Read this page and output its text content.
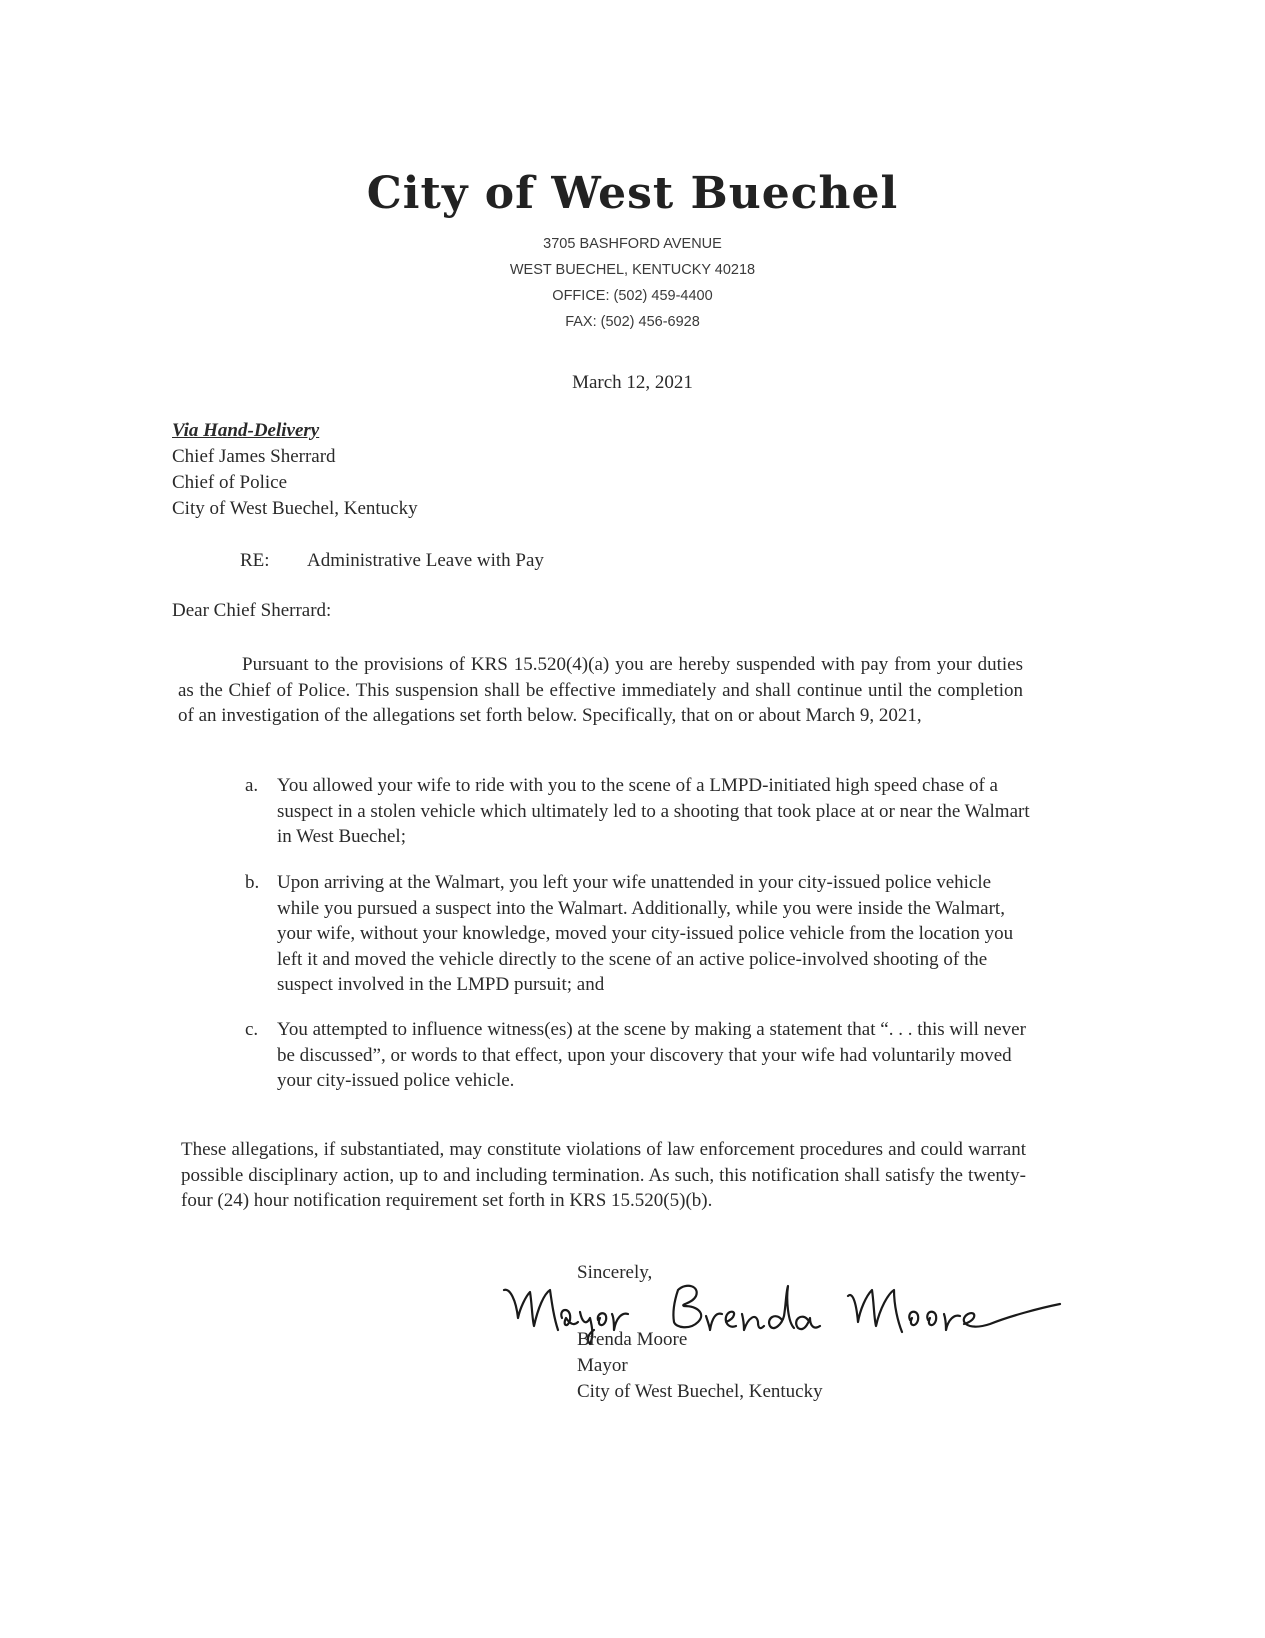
City of West Buechel
3705 BASHFORD AVENUE
WEST BUECHEL, KENTUCKY 40218
OFFICE: (502) 459-4400
FAX: (502) 456-6928
March 12, 2021
Via Hand-Delivery
Chief James Sherrard
Chief of Police
City of West Buechel, Kentucky
RE: Administrative Leave with Pay
Dear Chief Sherrard:
Pursuant to the provisions of KRS 15.520(4)(a) you are hereby suspended with pay from your duties as the Chief of Police. This suspension shall be effective immediately and shall continue until the completion of an investigation of the allegations set forth below. Specifically, that on or about March 9, 2021,
a. You allowed your wife to ride with you to the scene of a LMPD-initiated high speed chase of a suspect in a stolen vehicle which ultimately led to a shooting that took place at or near the Walmart in West Buechel;
b. Upon arriving at the Walmart, you left your wife unattended in your city-issued police vehicle while you pursued a suspect into the Walmart. Additionally, while you were inside the Walmart, your wife, without your knowledge, moved your city-issued police vehicle from the location you left it and moved the vehicle directly to the scene of an active police-involved shooting of the suspect involved in the LMPD pursuit; and
c. You attempted to influence witness(es) at the scene by making a statement that “. . . this will never be discussed”, or words to that effect, upon your discovery that your wife had voluntarily moved your city-issued police vehicle.
These allegations, if substantiated, may constitute violations of law enforcement procedures and could warrant possible disciplinary action, up to and including termination. As such, this notification shall satisfy the twenty-four (24) hour notification requirement set forth in KRS 15.520(5)(b).
Sincerely,
Brenda Moore
Mayor
City of West Buechel, Kentucky
